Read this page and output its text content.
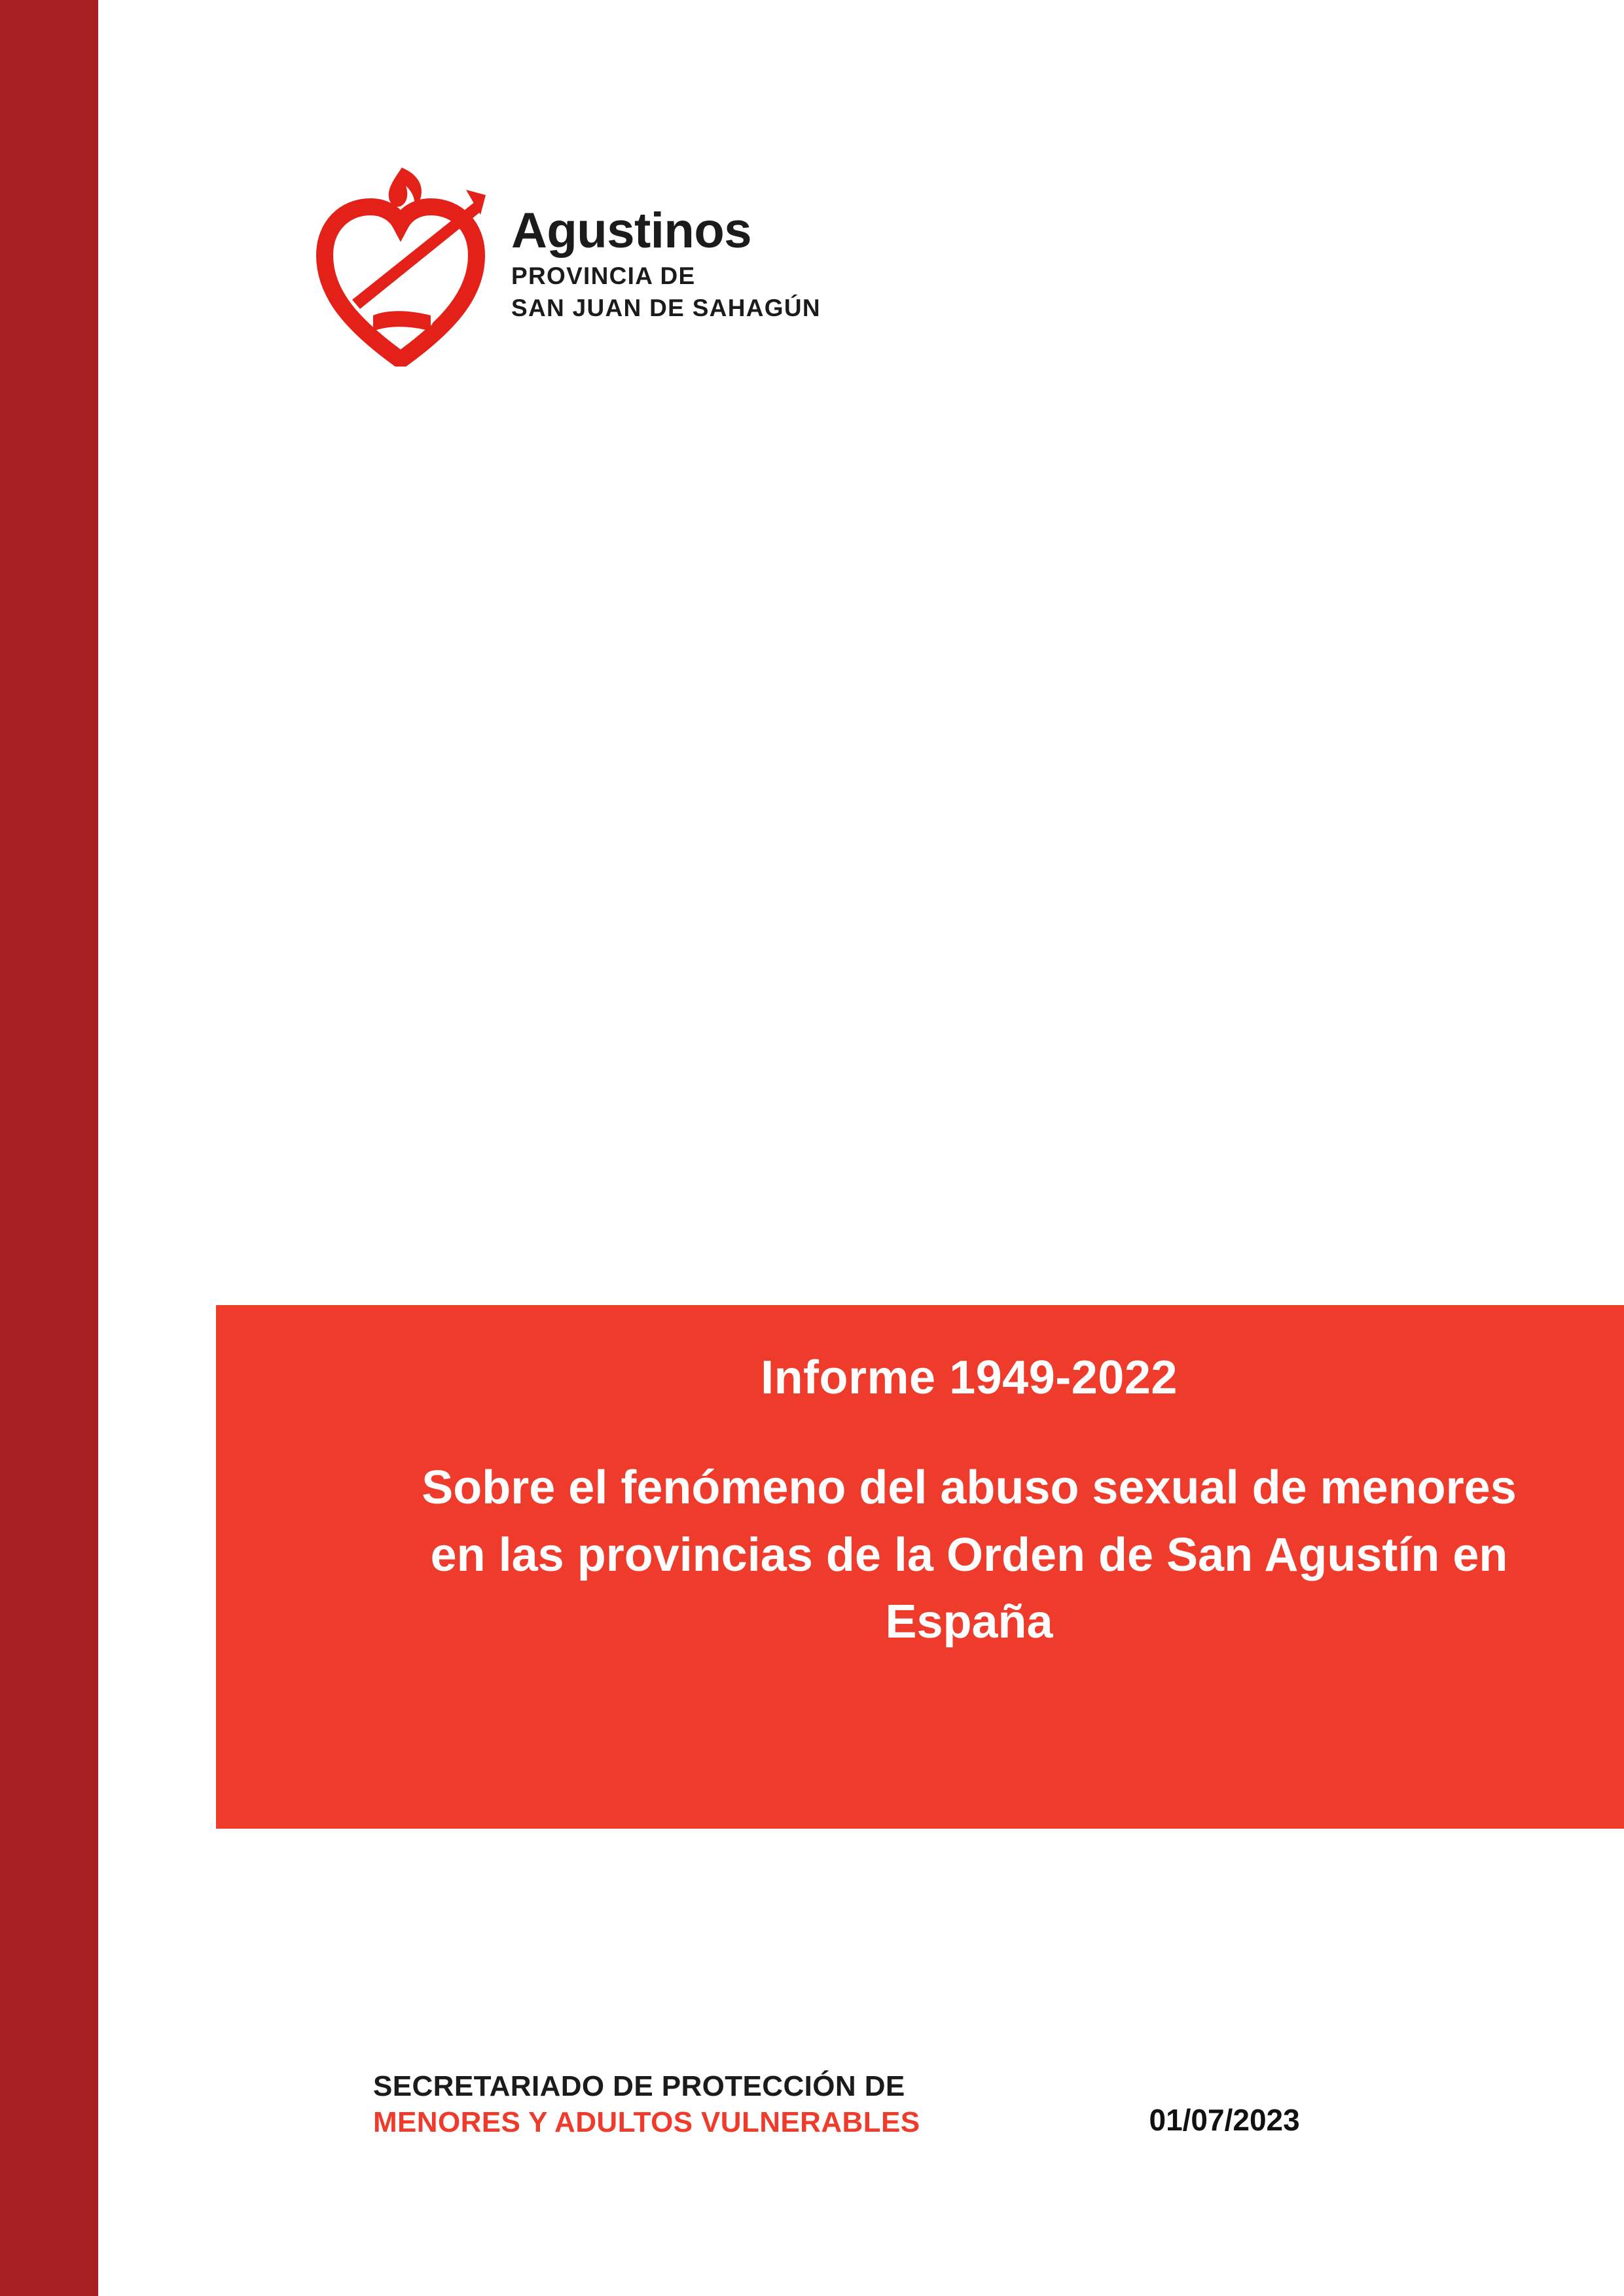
Agustinos
PROVINCIA DE
SAN JUAN DE SAHAGÚN
Informe 1949-2022
Sobre el fenómeno del abuso sexual de menores en las provincias de la Orden de San Agustín en España
SECRETARIADO DE PROTECCIÓN DE
MENORES Y ADULTOS VULNERABLES	01/07/2023
